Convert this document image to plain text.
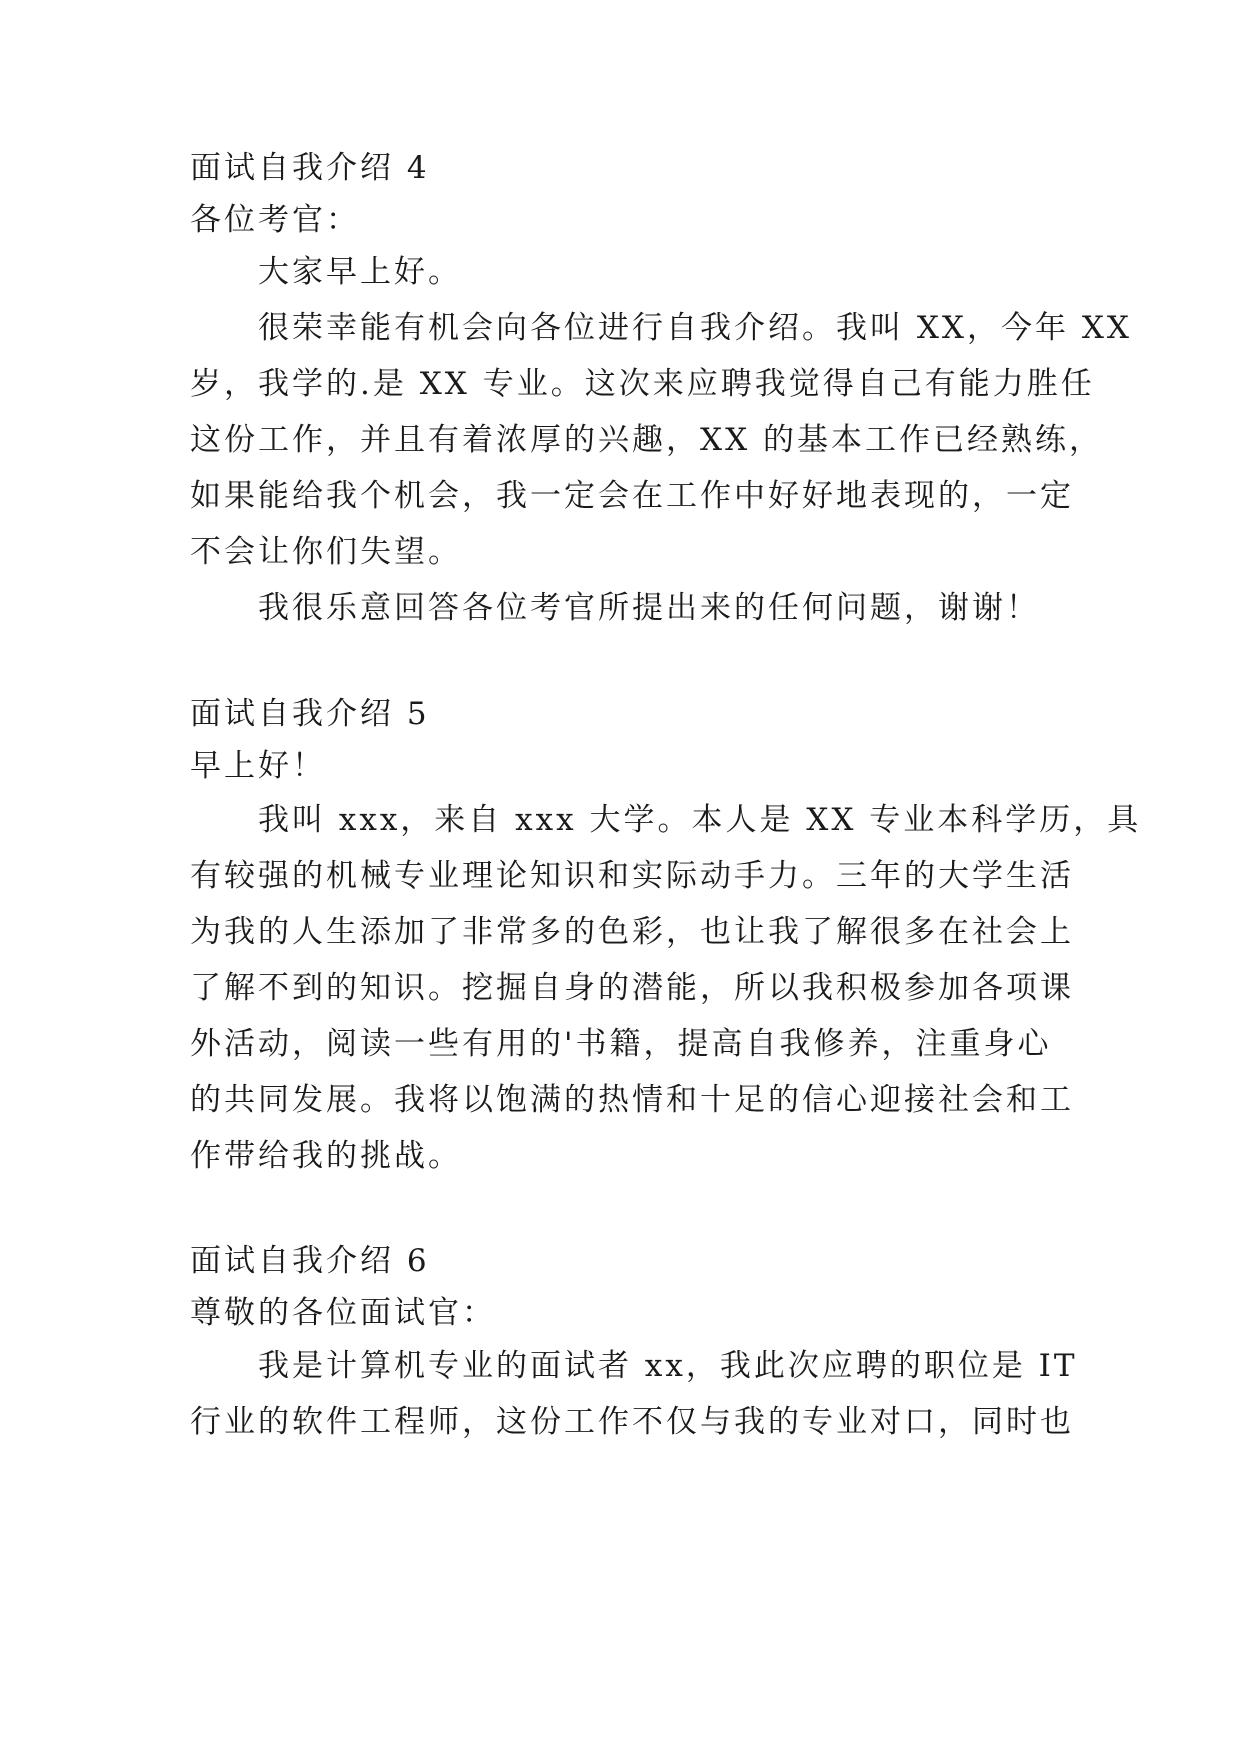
面试自我介绍 4
各位考官：
大家早上好。
很荣幸能有机会向各位进行自我介绍。我叫 XX，今年 XX
岁，我学的.是 XX 专业。这次来应聘我觉得自己有能力胜任
这份工作，并且有着浓厚的兴趣，XX 的基本工作已经熟练，
如果能给我个机会，我一定会在工作中好好地表现的，一定
不会让你们失望。
我很乐意回答各位考官所提出来的任何问题，谢谢！
面试自我介绍 5
早上好！
我叫 xxx，来自 xxx 大学。本人是 XX 专业本科学历，具
有较强的机械专业理论知识和实际动手力。三年的大学生活
为我的人生添加了非常多的色彩，也让我了解很多在社会上
了解不到的知识。挖掘自身的潜能，所以我积极参加各项课
外活动，阅读一些有用的'书籍，提高自我修养，注重身心
的共同发展。我将以饱满的热情和十足的信心迎接社会和工
作带给我的挑战。
面试自我介绍 6
尊敬的各位面试官：
我是计算机专业的面试者 xx，我此次应聘的职位是 IT
行业的软件工程师，这份工作不仅与我的专业对口，同时也
